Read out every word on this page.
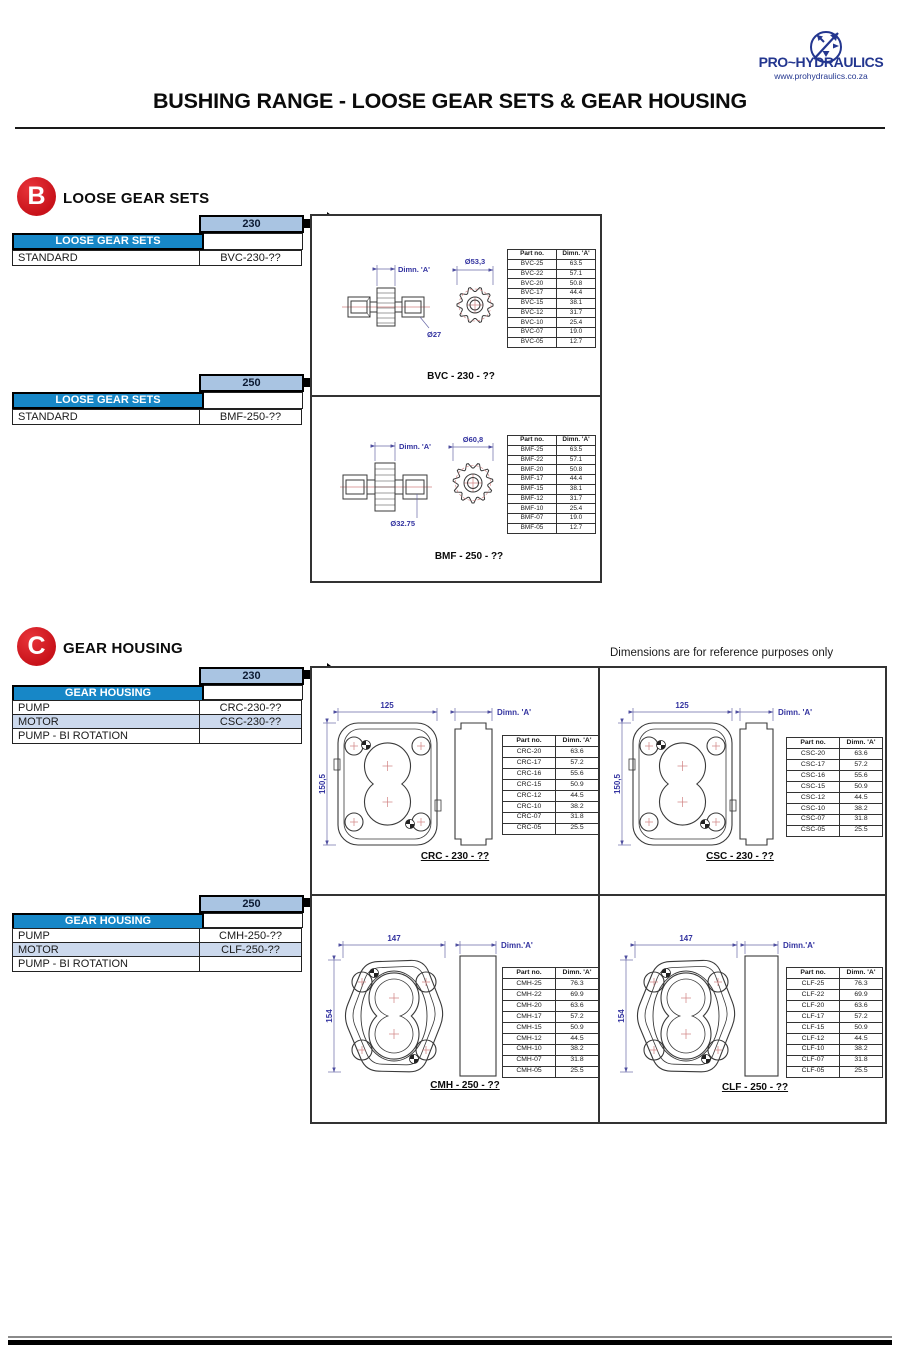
PRO~HYDRAULICS
www.prohydraulics.co.za
BUSHING RANGE - LOOSE GEAR SETS & GEAR HOUSING
B	LOOSE GEAR SETS
230
LOOSE GEAR SETS
STANDARD	BVC-230-??
250
LOOSE GEAR SETS
STANDARD	BMF-250-??
Dimn. 'A'
Ø53,3
Ø27
Part no.	Dimn. 'A'
BVC-25	63.5
BVC-22	57.1
BVC-20	50.8
BVC-17	44.4
BVC-15	38.1
BVC-12	31.7
BVC-10	25.4
BVC-07	19.0
BVC-05	12.7
BVC - 230 - ??
Dimn. 'A'
Ø60,8
Ø32.75
Part no.	Dimn. 'A'
BMF-25	63.5
BMF-22	57.1
BMF-20	50.8
BMF-17	44.4
BMF-15	38.1
BMF-12	31.7
BMF-10	25.4
BMF-07	19.0
BMF-05	12.7
BMF - 250 - ??
C	GEAR HOUSING	Dimensions are for reference purposes only
230
GEAR HOUSING
PUMP	CRC-230-??
MOTOR	CSC-230-??
PUMP - BI ROTATION
250
GEAR HOUSING
PUMP	CMH-250-??
MOTOR	CLF-250-??
PUMP - BI ROTATION
125
150,5
Dimn. 'A'
Part no.	Dimn. 'A'
CRC-20	63.6
CRC-17	57.2
CRC-16	55.6
CRC-15	50.9
CRC-12	44.5
CRC-10	38.2
CRC-07	31.8
CRC-05	25.5
CRC - 230 - ??
125
150,5
Dimn. 'A'
Part no.	Dimn. 'A'
CSC-20	63.6
CSC-17	57.2
CSC-16	55.6
CSC-15	50.9
CSC-12	44.5
CSC-10	38.2
CSC-07	31.8
CSC-05	25.5
CSC - 230 - ??
147
154
Dimn.'A'
Part no.	Dimn. 'A'
CMH-25	76.3
CMH-22	69.9
CMH-20	63.6
CMH-17	57.2
CMH-15	50.9
CMH-12	44.5
CMH-10	38.2
CMH-07	31.8
CMH-05	25.5
CMH - 250 - ??
147
154
Dimn.'A'
Part no.	Dimn. 'A'
CLF-25	76.3
CLF-22	69.9
CLF-20	63.6
CLF-17	57.2
CLF-15	50.9
CLF-12	44.5
CLF-10	38.2
CLF-07	31.8
CLF-05	25.5
CLF - 250 - ??
